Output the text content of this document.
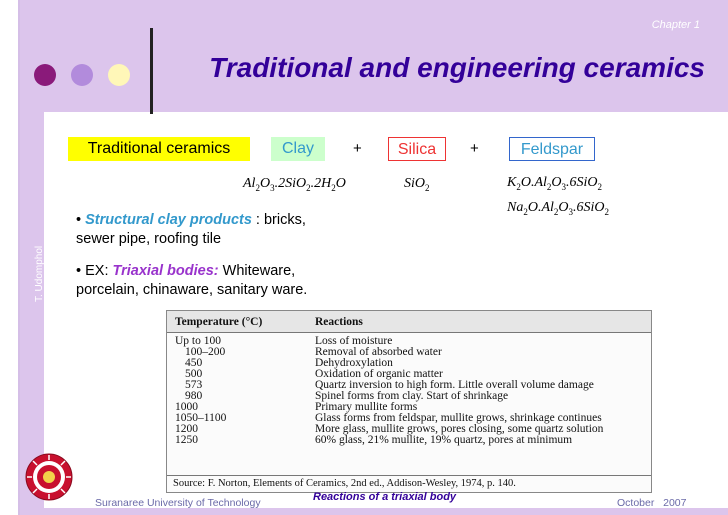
Chapter 1
Traditional and engineering ceramics
T. Udomphol
Traditional ceramics	Clay	+	Silica	+	Feldspar
$Al_2O_3.2SiO_2.2H_2O$	SiO$_2$	$K_2O.Al_2O_3.6SiO_2$
$Na_2O.Al_2O_3.6SiO_2$
• Structural clay products : bricks,
sewer pipe, roofing tile
• EX: Triaxial bodies: Whiteware,
porcelain, chinaware, sanitary ware.
Temperature (°C)	Reactions
Up to 100	Loss of moisture
100–200	Removal of absorbed water
450	Dehydroxylation
500	Oxidation of organic matter
573	Quartz inversion to high form. Little overall volume damage
980	Spinel forms from clay. Start of shrinkage
1000	Primary mullite forms
1050–1100	Glass forms from feldspar, mullite grows, shrinkage continues
1200	More glass, mullite grows, pores closing, some quartz solution
1250	60% glass, 21% mullite, 19% quartz, pores at minimum
Source: F. Norton, Elements of Ceramics, 2nd ed., Addison-Wesley, 1974, p. 140.
Suranaree University of Technology	Reactions of a triaxial body	October 2007
